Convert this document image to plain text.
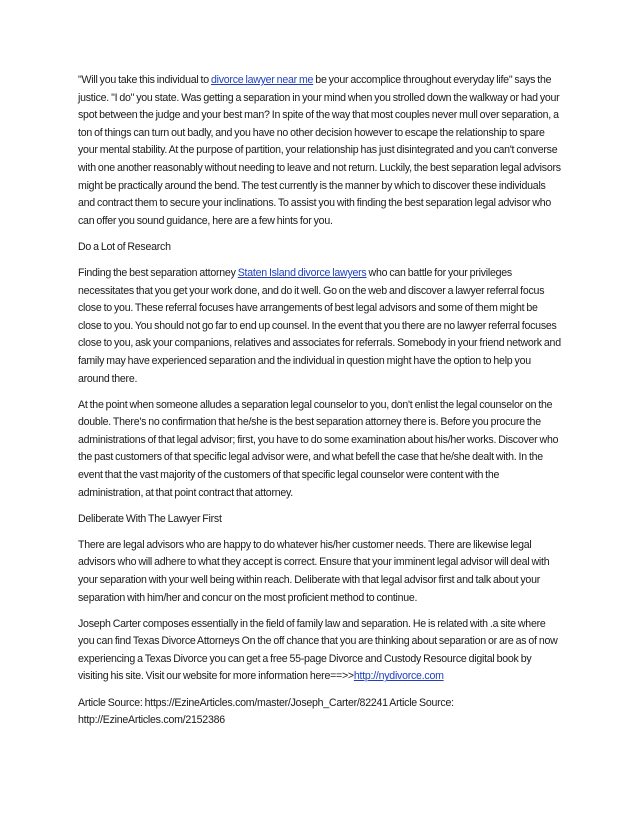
"Will you take this individual to divorce lawyer near me be your accomplice throughout everyday life" says the justice. "I do" you state. Was getting a separation in your mind when you strolled down the walkway or had your spot between the judge and your best man? In spite of the way that most couples never mull over separation, a ton of things can turn out badly, and you have no other decision however to escape the relationship to spare your mental stability. At the purpose of partition, your relationship has just disintegrated and you can't converse with one another reasonably without needing to leave and not return. Luckily, the best separation legal advisors might be practically around the bend. The test currently is the manner by which to discover these individuals and contract them to secure your inclinations. To assist you with finding the best separation legal advisor who can offer you sound guidance, here are a few hints for you.

Do a Lot of Research

Finding the best separation attorney Staten Island divorce lawyers who can battle for your privileges necessitates that you get your work done, and do it well. Go on the web and discover a lawyer referral focus close to you. These referral focuses have arrangements of best legal advisors and some of them might be close to you. You should not go far to end up counsel. In the event that you there are no lawyer referral focuses close to you, ask your companions, relatives and associates for referrals. Somebody in your friend network and family may have experienced separation and the individual in question might have the option to help you around there.

At the point when someone alludes a separation legal counselor to you, don't enlist the legal counselor on the double. There's no confirmation that he/she is the best separation attorney there is. Before you procure the administrations of that legal advisor; first, you have to do some examination about his/her works. Discover who the past customers of that specific legal advisor were, and what befell the case that he/she dealt with. In the event that the vast majority of the customers of that specific legal counselor were content with the administration, at that point contract that attorney.

Deliberate With The Lawyer First

There are legal advisors who are happy to do whatever his/her customer needs. There are likewise legal advisors who will adhere to what they accept is correct. Ensure that your imminent legal advisor will deal with your separation with your well being within reach. Deliberate with that legal advisor first and talk about your separation with him/her and concur on the most proficient method to continue.

Joseph Carter composes essentially in the field of family law and separation. He is related with .a site where you can find Texas Divorce Attorneys On the off chance that you are thinking about separation or are as of now experiencing a Texas Divorce you can get a free 55-page Divorce and Custody Resource digital book by visiting his site. Visit our website for more information here==>>http://nydivorce.com

Article Source: https://EzineArticles.com/master/Joseph_Carter/82241 Article Source:
http://EzineArticles.com/2152386
